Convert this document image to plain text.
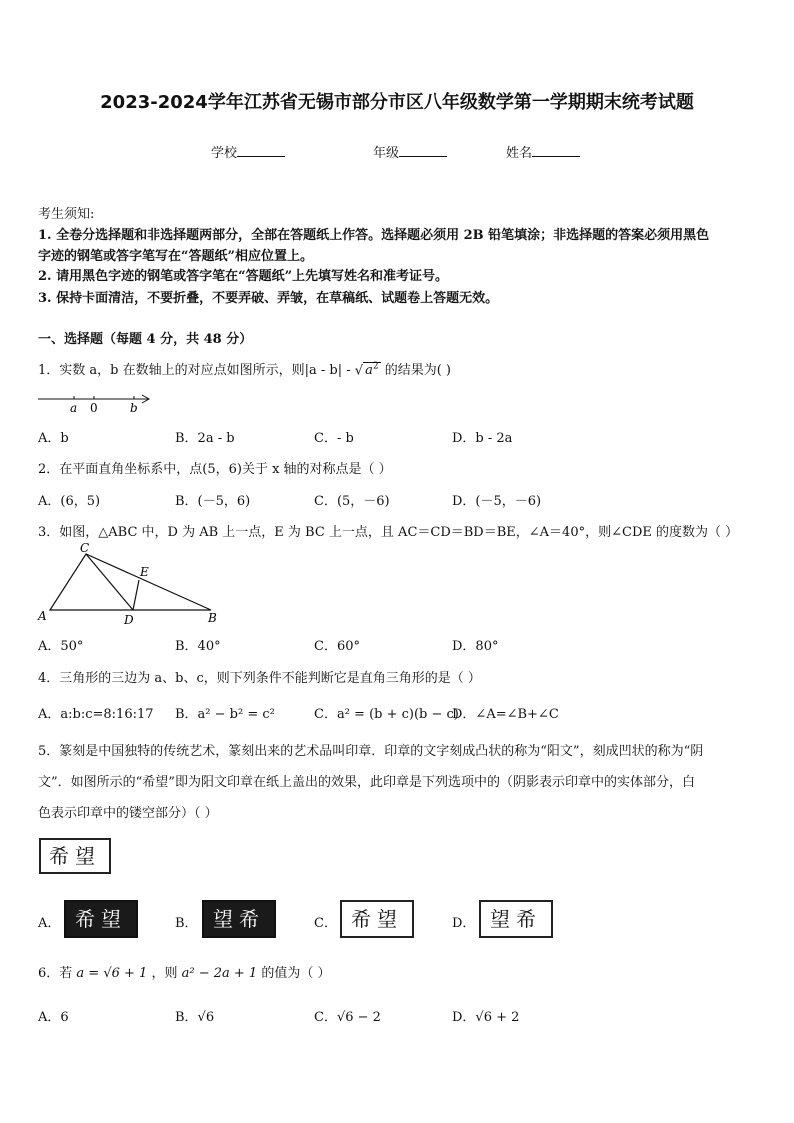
2023-2024学年江苏省无锡市部分市区八年级数学第一学期期末统考试题
学校	年级	姓名
考生须知:
1. 全卷分选择题和非选择题两部分，全部在答题纸上作答。选择题必须用 2B 铅笔填涂；非选择题的答案必须用黑色
字迹的钢笔或答字笔写在“答题纸”相应位置上。
2. 请用黑色字迹的钢笔或答字笔在“答题纸”上先填写姓名和准考证号。
3. 保持卡面清洁，不要折叠，不要弄破、弄皱，在草稿纸、试题卷上答题无效。
一、选择题（每题 4 分，共 48 分）
1．实数 a，b 在数轴上的对应点如图所示，则|a - b| - √ $a^2$ 的结果为( )
a 0	b
A．b	B．2a - b	C．- b	D．b - 2a
2．在平面直角坐标系中，点(5，6)关于 x 轴的对称点是（ ）
A．(6，5)	B．(－5，6)	C．(5，－6)	D．(－5，－6)
3．如图，△ABC 中，D 为 AB 上一点，E 为 BC 上一点，且 AC＝CD＝BD＝BE，∠A＝40°，则∠CDE 的度数为（ ）
C
E
A	D	B
A．50°	B．40°	C．60°	D．80°
4．三角形的三边为 a、b、c，则下列条件不能判断它是直角三角形的是（ ）
A．a:b:c=8:16:17 B．a² − b² = c²	C．a² = (b + c)(b − c)
D．∠A=∠B+∠C
5．篆刻是中国独特的传统艺术，篆刻出来的艺术品叫印章．印章的文字刻成凸状的称为“阳文”，刻成凹状的称为“阴
文”．如图所示的“希望”即为阳文印章在纸上盖出的效果，此印章是下列选项中的（阴影表示印章中的实体部分，白
色表示印章中的镂空部分）（ ）
希望
A． 希望	B． 望希	C． 希望	D． 望希
6．若 a = √6 + 1 ，则 a² − 2a + 1 的值为（ ）
A．6	B．√6	C．√6 − 2	D．√6 + 2
